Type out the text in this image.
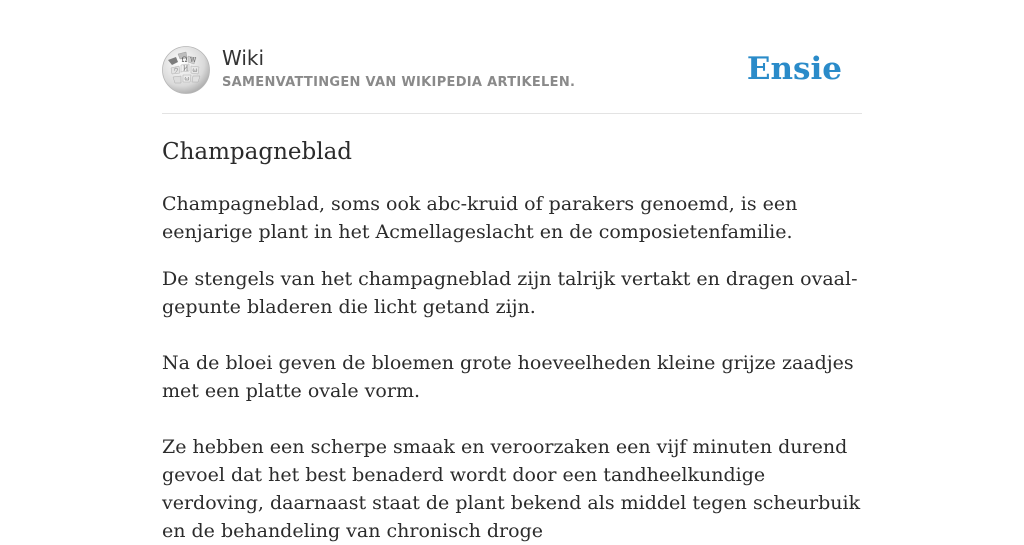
Ω W
И
ウ ω
ω
Wiki
SAMENVATTINGEN VAN WIKIPEDIA ARTIKELEN.	Ensie
Champagneblad

Champagneblad, soms ook abc-kruid of parakers genoemd, is een eenjarige plant in het Acmellageslacht en de composietenfamilie.

De stengels van het champagneblad zijn talrijk vertakt en dragen ovaal-gepunte bladeren die licht getand zijn.

Na de bloei geven de bloemen grote hoeveelheden kleine grijze zaadjes met een platte ovale vorm.

Ze hebben een scherpe smaak en veroorzaken een vijf minuten durend gevoel dat het best benaderd wordt door een tandheelkundige verdoving, daarnaast staat de plant bekend als middel tegen scheurbuik en de behandeling van chronisch droge
